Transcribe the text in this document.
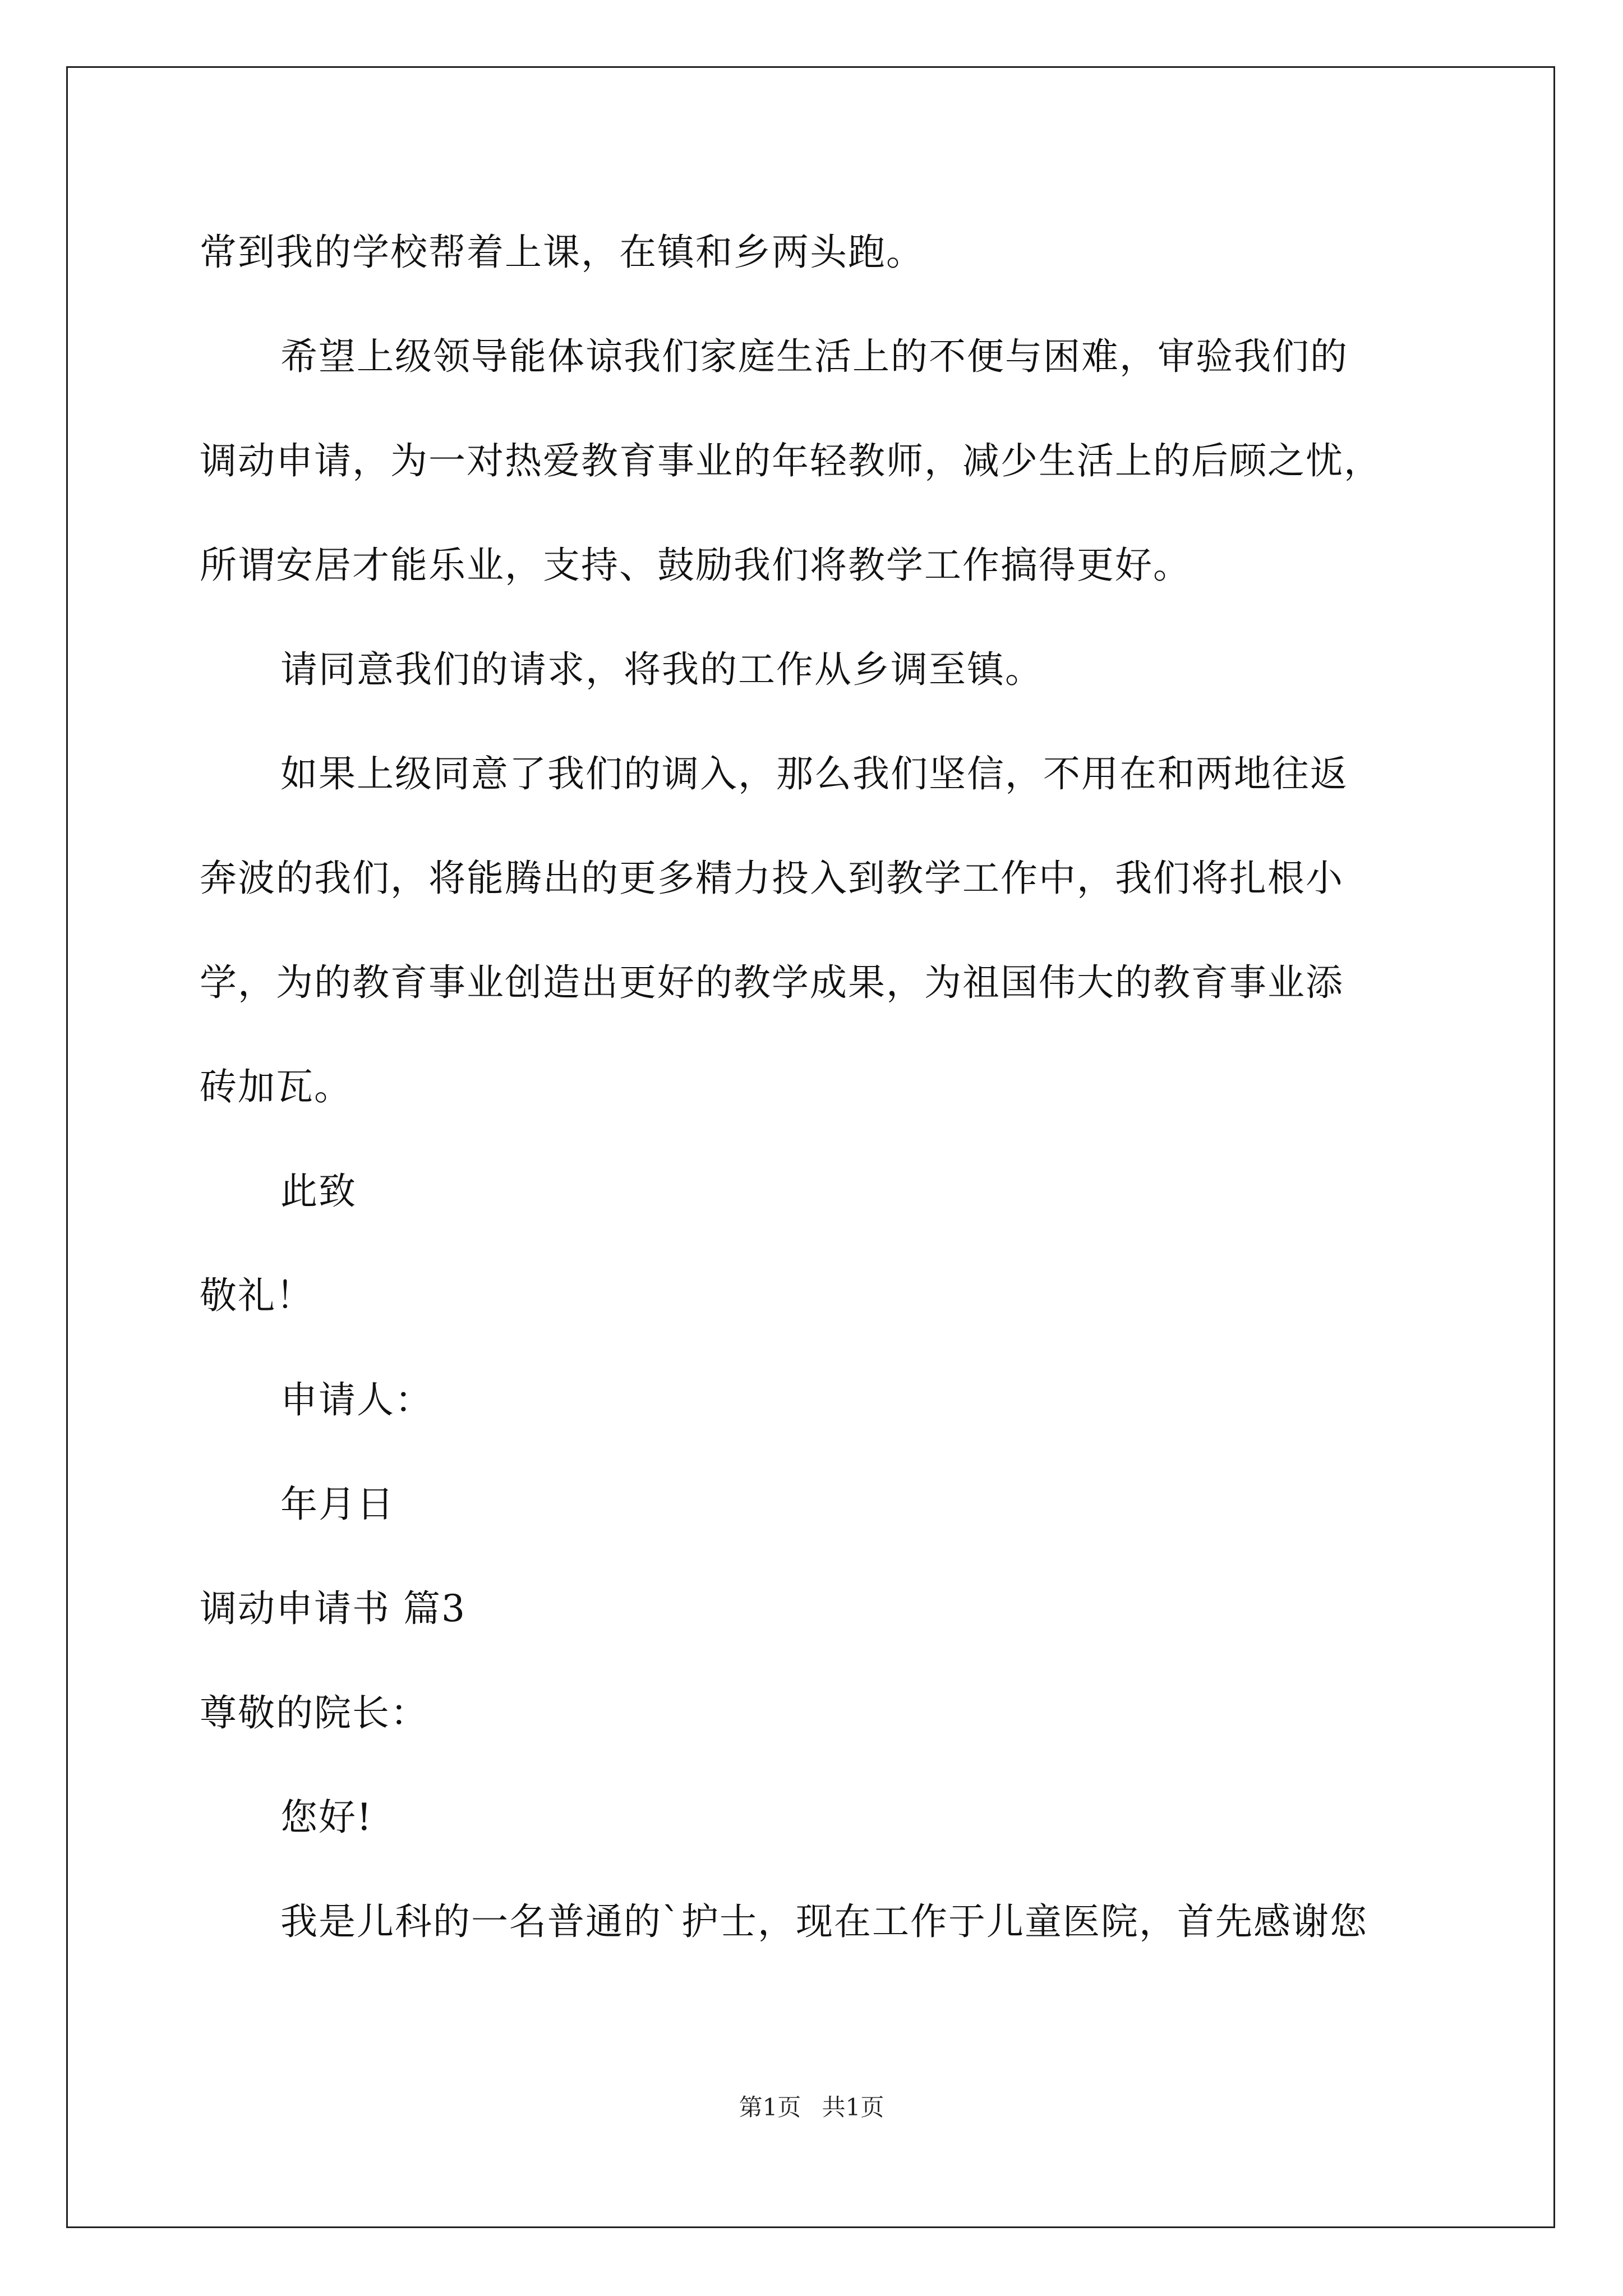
常到我的学校帮着上课，在镇和乡两头跑。
希望上级领导能体谅我们家庭生活上的不便与困难，审验我们的
调动申请，为一对热爱教育事业的年轻教师，减少生活上的后顾之忧，
所谓安居才能乐业，支持、鼓励我们将教学工作搞得更好。
请同意我们的请求，将我的工作从乡调至镇。
如果上级同意了我们的调入，那么我们坚信，不用在和两地往返
奔波的我们，将能腾出的更多精力投入到教学工作中，我们将扎根小
学，为的教育事业创造出更好的教学成果，为祖国伟大的教育事业添
砖加瓦。
此致
敬礼！
申请人：
年月日
调动申请书 篇3
尊敬的院长：
您好!
我是儿科的一名普通的`护士，现在工作于儿童医院，首先感谢您
第1页 共1页
